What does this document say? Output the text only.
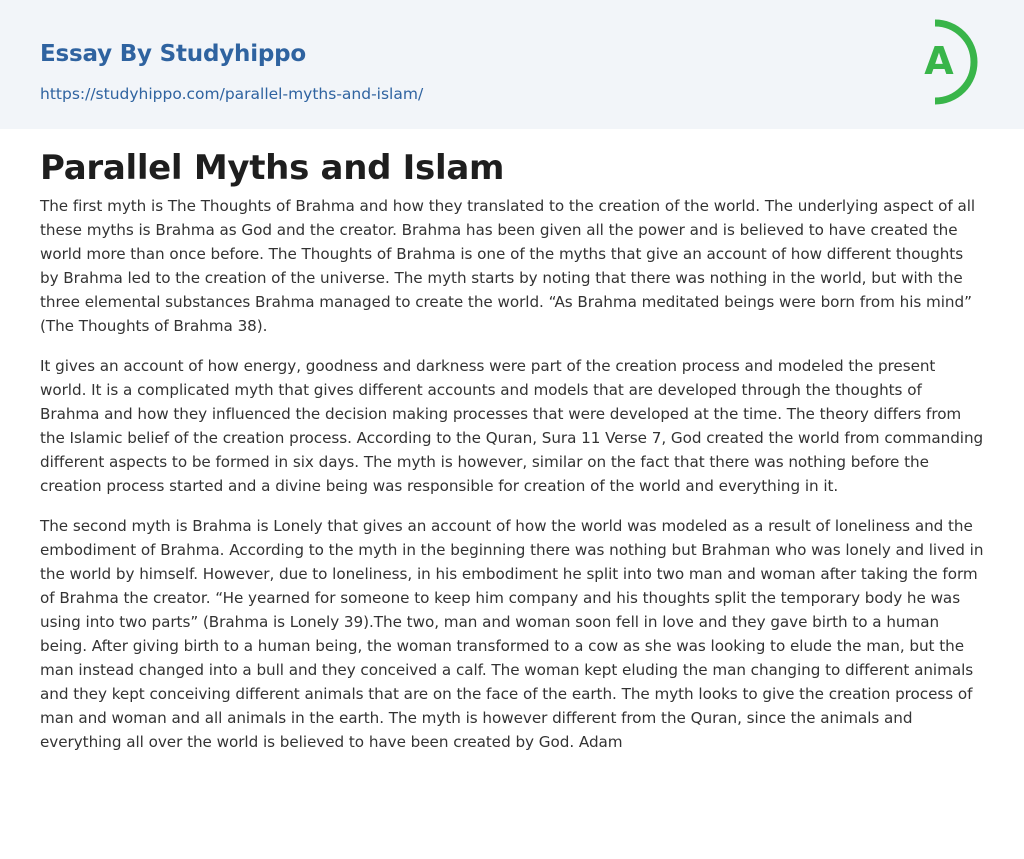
Essay By Studyhippo
https://studyhippo.com/parallel-myths-and-islam/
A
Parallel Myths and Islam

The first myth is The Thoughts of Brahma and how they translated to the creation of the world. The underlying aspect of all these myths is Brahma as God and the creator. Brahma has been given all the power and is believed to have created the world more than once before. The Thoughts of Brahma is one of the myths that give an account of how different thoughts by Brahma led to the creation of the universe. The myth starts by noting that there was nothing in the world, but with the three elemental substances Brahma managed to create the world. “As Brahma meditated beings were born from his mind” (The Thoughts of Brahma 38).

It gives an account of how energy, goodness and darkness were part of the creation process and modeled the present world. It is a complicated myth that gives different accounts and models that are developed through the thoughts of Brahma and how they influenced the decision making processes that were developed at the time. The theory differs from the Islamic belief of the creation process. According to the Quran, Sura 11 Verse 7, God created the world from commanding different aspects to be formed in six days. The myth is however, similar on the fact that there was nothing before the creation process started and a divine being was responsible for creation of the world and everything in it.

The second myth is Brahma is Lonely that gives an account of how the world was modeled as a result of loneliness and the embodiment of Brahma. According to the myth in the beginning there was nothing but Brahman who was lonely and lived in the world by himself. However, due to loneliness, in his embodiment he split into two man and woman after taking the form of Brahma the creator. “He yearned for someone to keep him company and his thoughts split the temporary body he was using into two parts” (Brahma is Lonely 39).The two, man and woman soon fell in love and they gave birth to a human being. After giving birth to a human being, the woman transformed to a cow as she was looking to elude the man, but the man instead changed into a bull and they conceived a calf. The woman kept eluding the man changing to different animals and they kept conceiving different animals that are on the face of the earth. The myth looks to give the creation process of man and woman and all animals in the earth. The myth is however different from the Quran, since the animals and everything all over the world is believed to have been created by God. Adam
